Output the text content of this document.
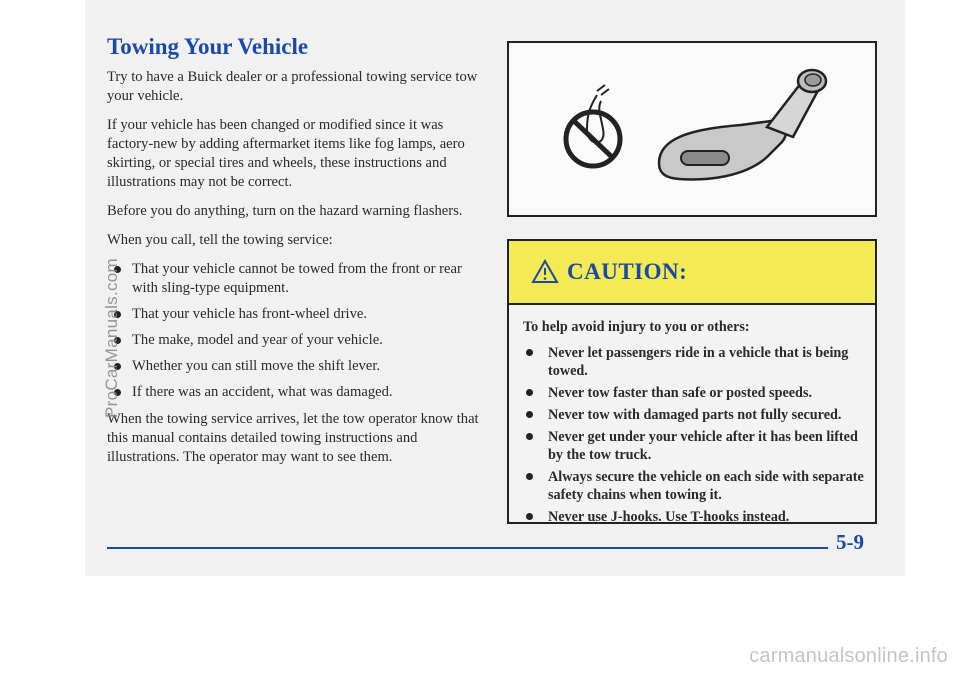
Towing Your Vehicle

Try to have a Buick dealer or a professional towing service tow your vehicle.

If your vehicle has been changed or modified since it was factory-new by adding aftermarket items like fog lamps, aero skirting, or special tires and wheels, these instructions and illustrations may not be correct.

Before you do anything, turn on the hazard warning flashers.

When you call, tell the towing service:

That your vehicle cannot be towed from the front or rear with sling-type equipment.
That your vehicle has front-wheel drive.
The make, model and year of your vehicle.
Whether you can still move the shift lever.
If there was an accident, what was damaged.

When the towing service arrives, let the tow operator know that this manual contains detailed towing instructions and illustrations. The operator may want to see them.

CAUTION:

To help avoid injury to you or others:

Never let passengers ride in a vehicle that is being towed.
Never tow faster than safe or posted speeds.
Never tow with damaged parts not fully secured.
Never get under your vehicle after it has been lifted by the tow truck.
Always secure the vehicle on each side with separate safety chains when towing it.
Never use J-hooks. Use T-hooks instead.
5-9
ProCarManuals.com
carmanualsonline.info
